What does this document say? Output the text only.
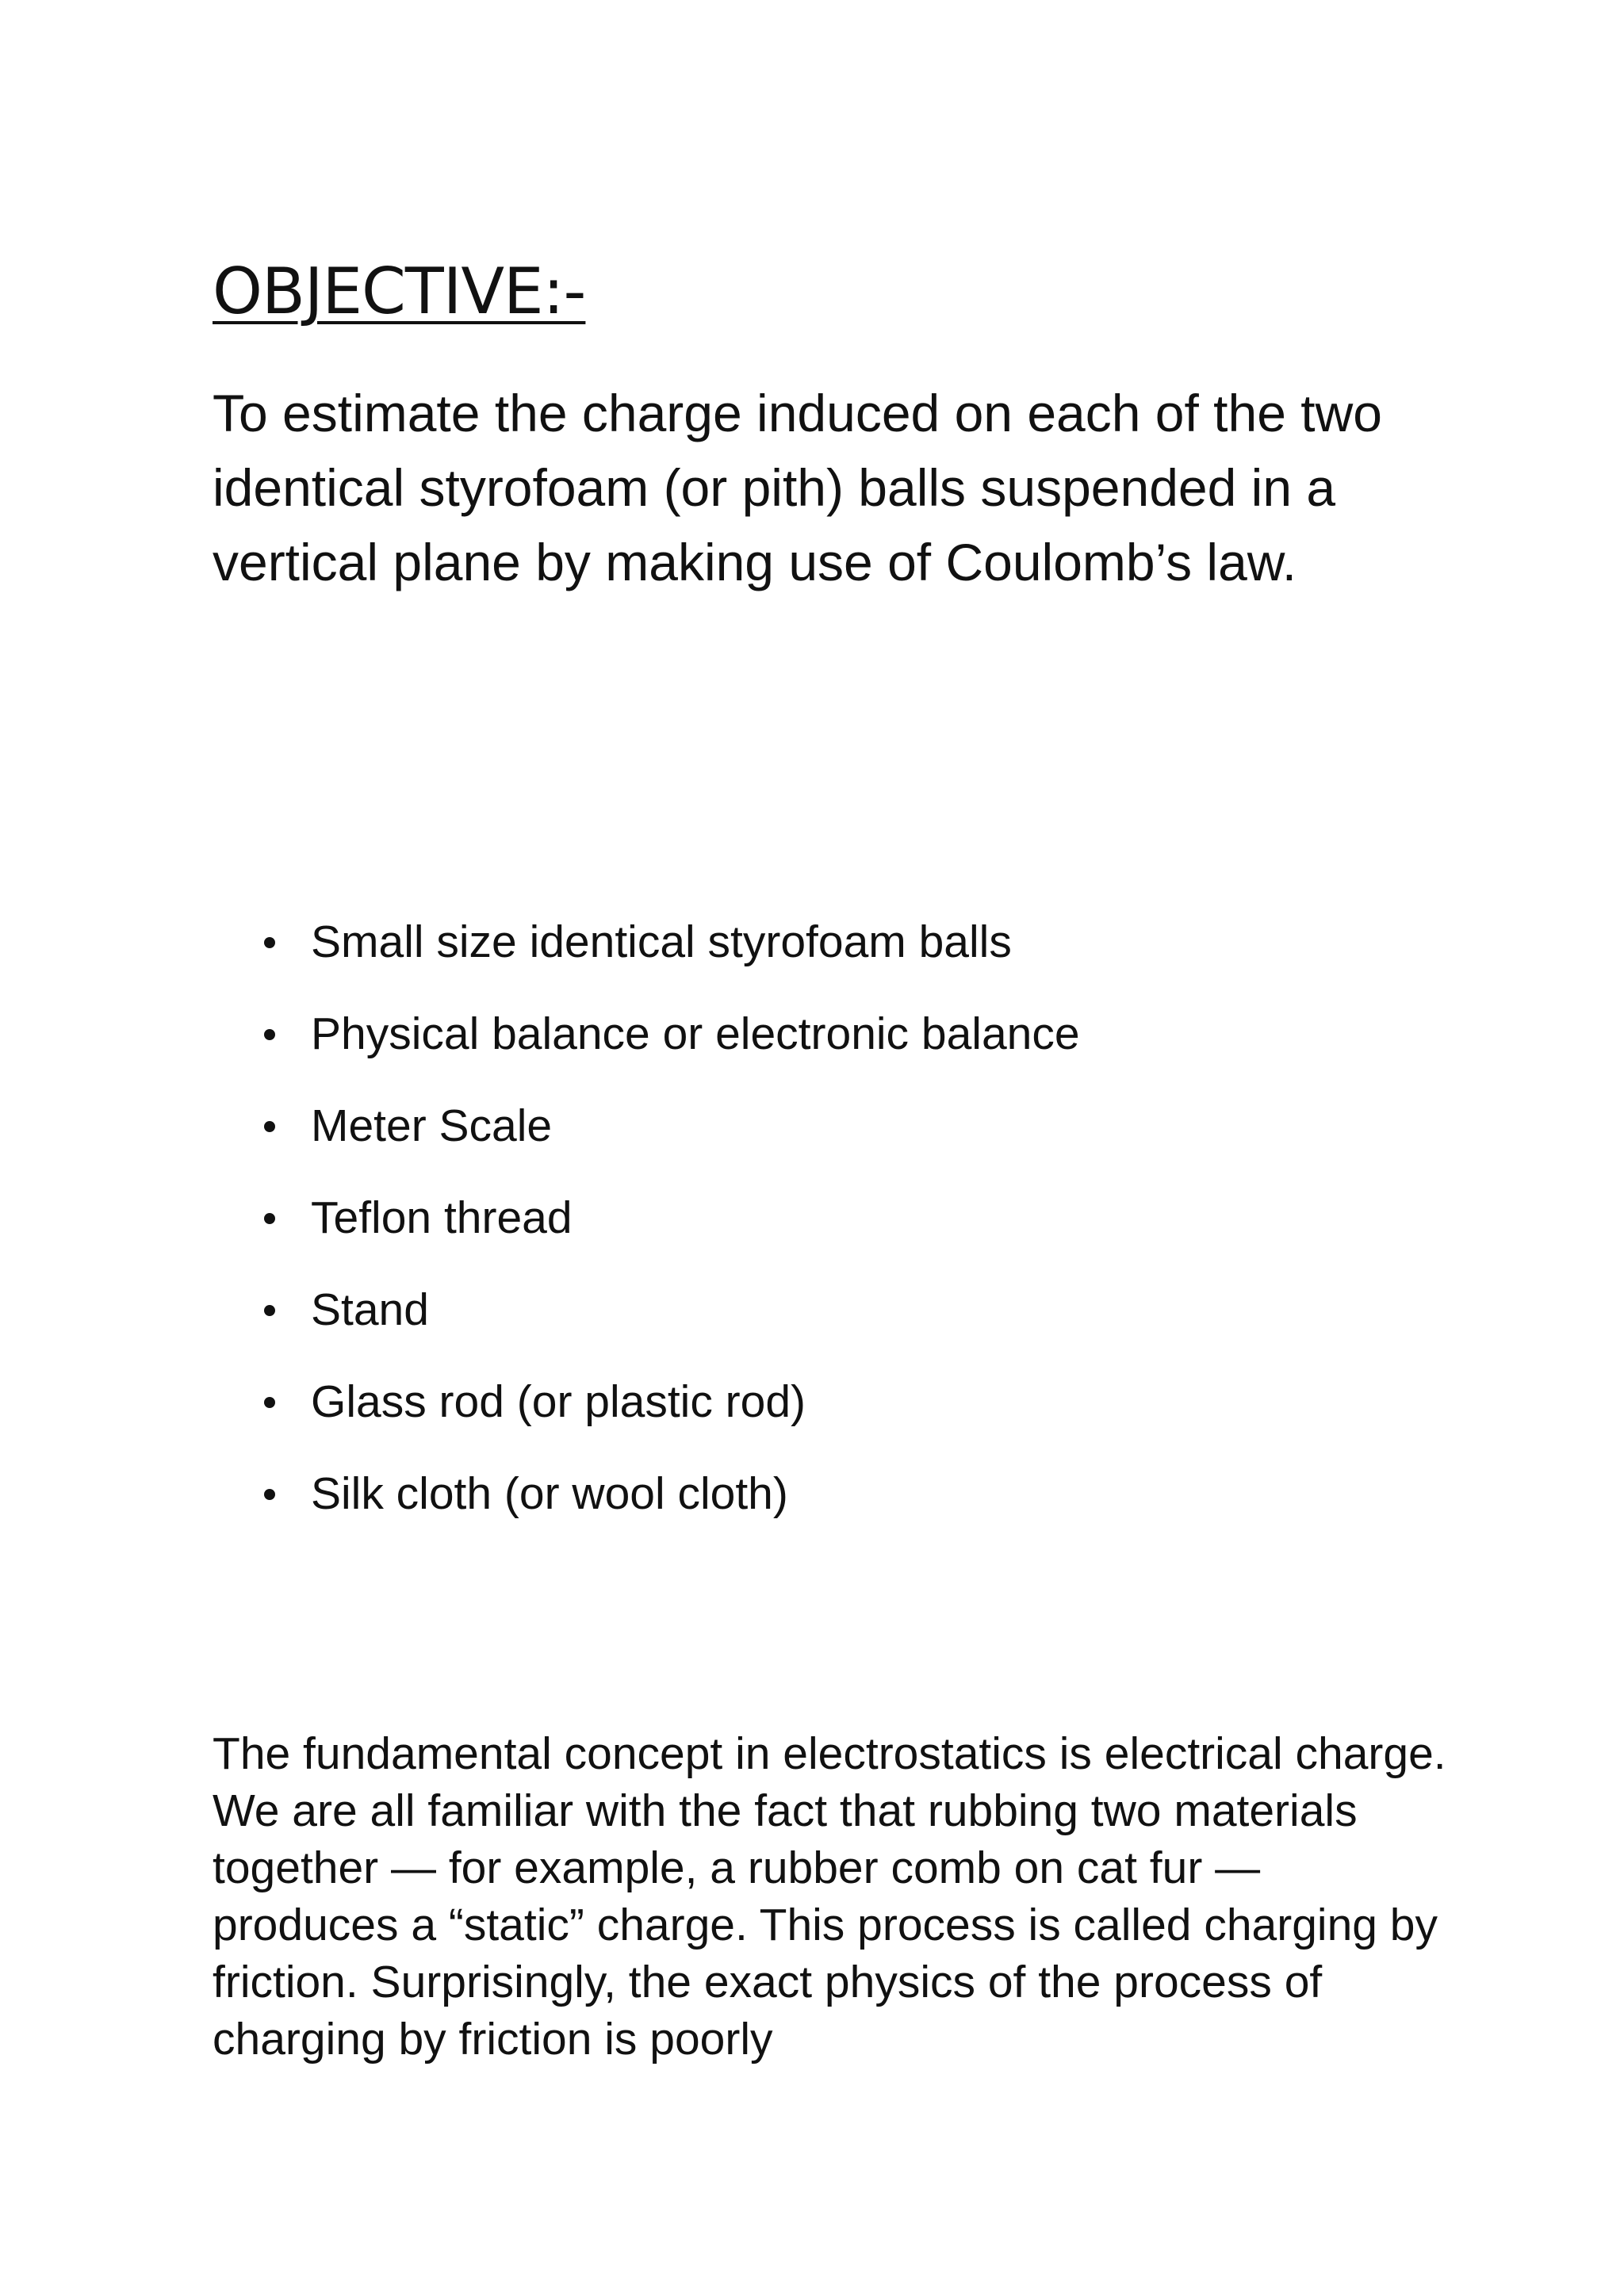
OBJECTIVE:-

To estimate the charge induced on each of the two identical styrofoam (or pith) balls suspended in a vertical plane by making use of Coulomb’s law.

Small size identical styrofoam balls
Physical balance or electronic balance
Meter Scale
Teflon thread
Stand
Glass rod (or plastic rod)
Silk cloth (or wool cloth)

The fundamental concept in electrostatics is electrical charge. We are all familiar with the fact that rubbing two materials together — for example, a rubber comb on cat fur — produces a “static” charge. This process is called charging by friction. Surprisingly, the exact physics of the process of charging by friction is poorly
